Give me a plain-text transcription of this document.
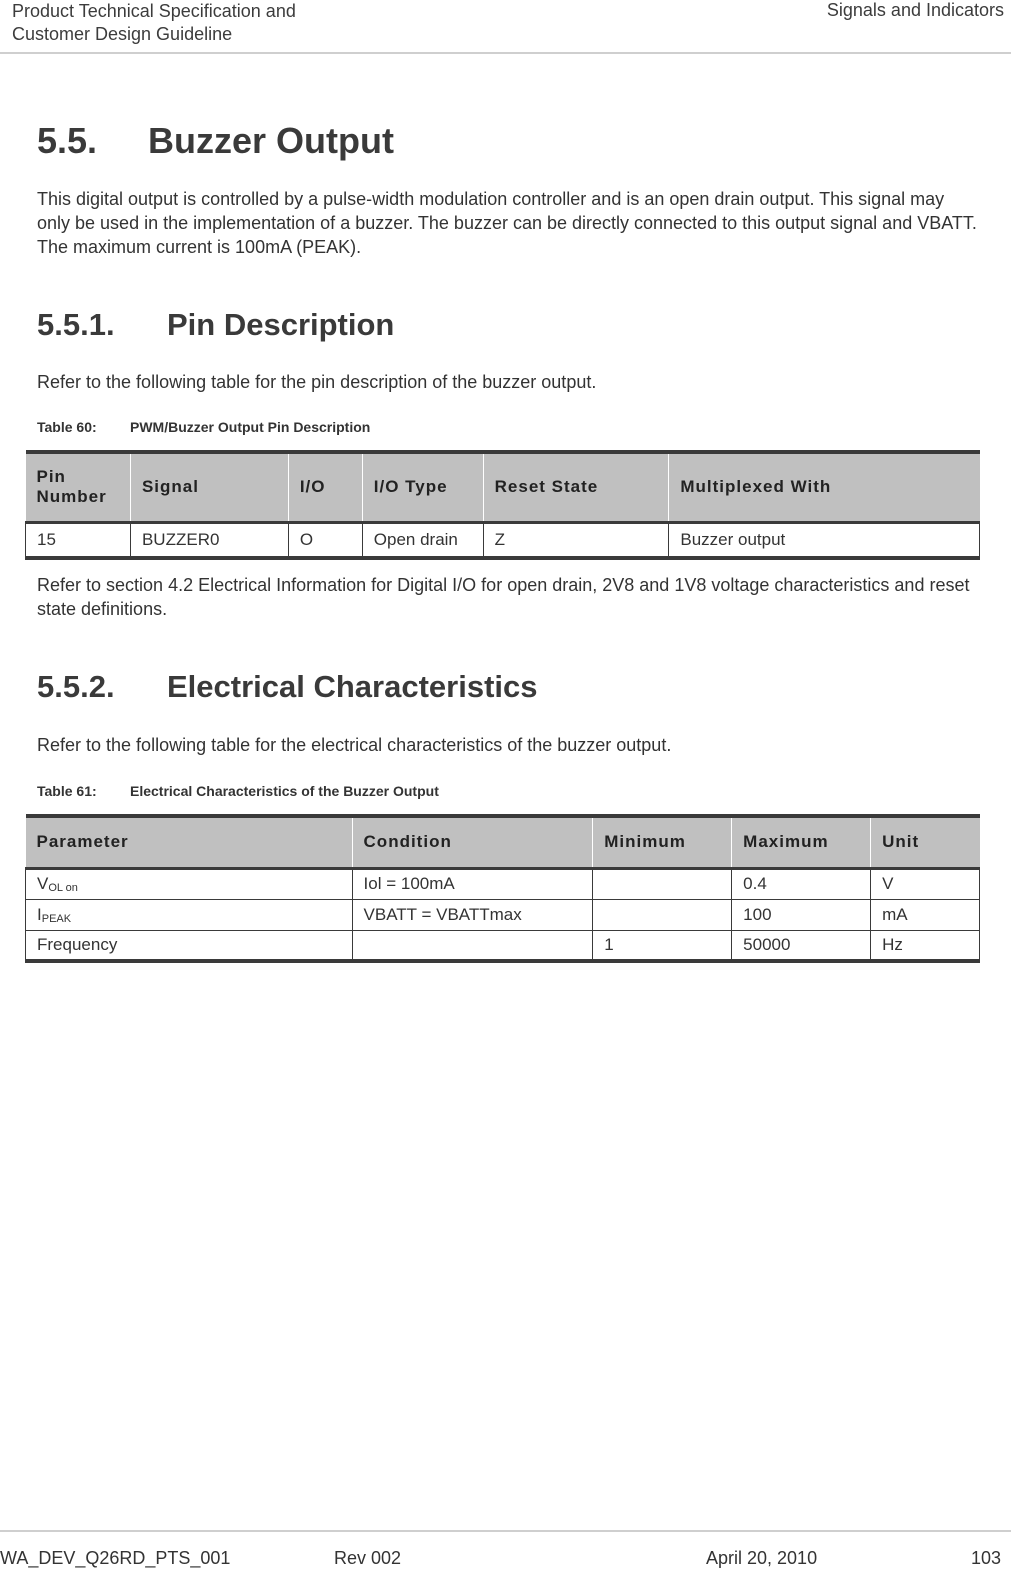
Product Technical Specification and
Customer Design Guideline
Signals and Indicators
5.5. Buzzer Output

This digital output is controlled by a pulse-width modulation controller and is an open drain output. This signal may only be used in the implementation of a buzzer. The buzzer can be directly connected to this output signal and VBATT. The maximum current is 100mA (PEAK).

5.5.1. Pin Description

Refer to the following table for the pin description of the buzzer output.

Table 60: PWM/Buzzer Output Pin Description

Refer to section 4.2 Electrical Information for Digital I/O for open drain, 2V8 and 1V8 voltage characteristics and reset state definitions.

5.5.2. Electrical Characteristics

Refer to the following table for the electrical characteristics of the buzzer output.

Table 61: Electrical Characteristics of the Buzzer Output
Pin Number	Signal	I/O	I/O Type	Reset State	Multiplexed With
15	BUZZER0	O	Open drain	Z	Buzzer output
Parameter	Condition	Minimum	Maximum	Unit
$V_{OL on}$	Iol = 100mA		0.4	V
$I_{PEAK}$	VBATT = VBATTmax		100	mA
Frequency		1	50000	Hz
WA_DEV_Q26RD_PTS_001	Rev 002	April 20, 2010	103
